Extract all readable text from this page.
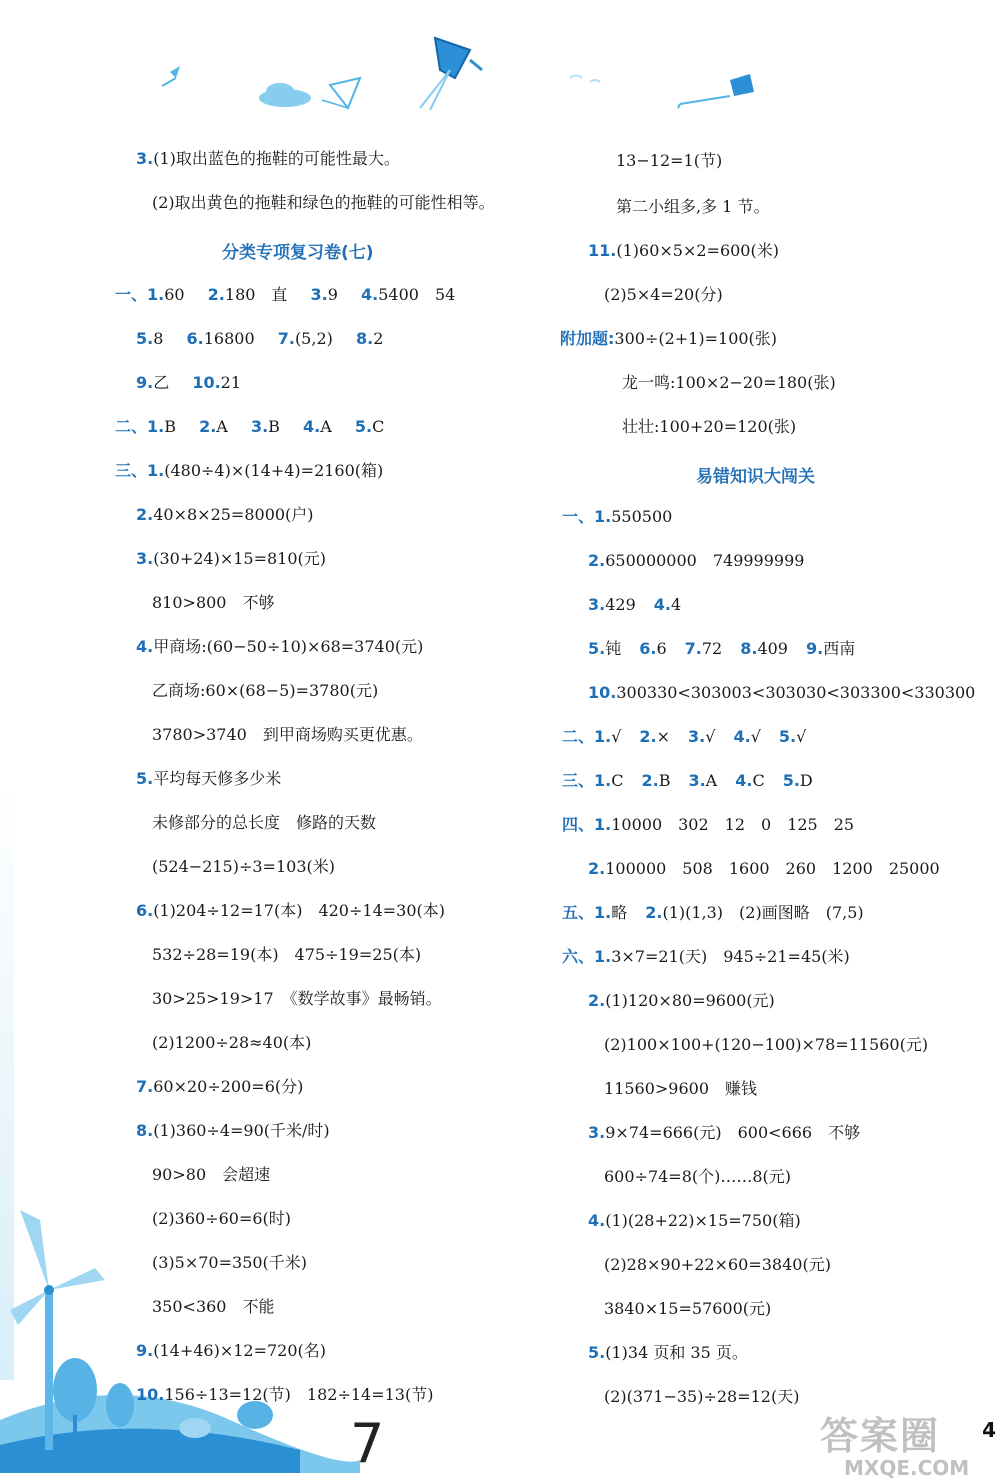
3.(1)取出蓝色的拖鞋的可能性最大。
(2)取出黄色的拖鞋和绿色的拖鞋的可能性相等。
分类专项复习卷(七)
一、1.60 2.180　直 3.9 4.5400　54
5.8 6.16800 7.(5,2) 8.2
9.乙 10.21
二、1.B 2.A 3.B 4.A 5.C
三、1.(480÷4)×(14+4)=2160(箱)
2.40×8×25=8000(户)
3.(30+24)×15=810(元)
810>800　不够
4.甲商场:(60−50÷10)×68=3740(元)
乙商场:60×(68−5)=3780(元)
3780>3740　到甲商场购买更优惠。
5.平均每天修多少米
未修部分的总长度　修路的天数
(524−215)÷3=103(米)
6.(1)204÷12=17(本)　420÷14=30(本)
532÷28=19(本)　475÷19=25(本)
30>25>19>17　《数学故事》最畅销。
(2)1200÷28≈40(本)
7.60×20÷200=6(分)
8.(1)360÷4=90(千米/时)
90>80　会超速
(2)360÷60=6(时)
(3)5×70=350(千米)
350<360　不能
9.(14+46)×12=720(名)
10.156÷13=12(节)　182÷14=13(节)
13−12=1(节)
第二小组多,多 1 节。
11.(1)60×5×2=600(米)
(2)5×4=20(分)
附加题:300÷(2+1)=100(张)
龙一鸣:100×2−20=180(张)
壮壮:100+20=120(张)
易错知识大闯关
一、1.550500
2.650000000　749999999
3.429 4.4
5.钝 6.6 7.72 8.409 9.西南
10.300330<303003<303030<303300<330300
二、1.√ 2.× 3.√ 4.√ 5.√
三、1.C 2.B 3.A 4.C 5.D
四、1.10000　302　12　0　125　25
2.100000　508　1600　260　1200　25000
五、1.略 2.(1)(1,3)　(2)画图略　(7,5)
六、1.3×7=21(天)　945÷21=45(米)
2.(1)120×80=9600(元)
(2)100×100+(120−100)×78=11560(元)
11560>9600　赚钱
3.9×74=666(元)　600<666　不够
600÷74=8(个)……8(元)
4.(1)(28+22)×15=750(箱)
(2)28×90+22×60=3840(元)
3840×15=57600(元)
5.(1)34 页和 35 页。
(2)(371−35)÷28=12(天)
7	答案圈
MXQE.COM
4
